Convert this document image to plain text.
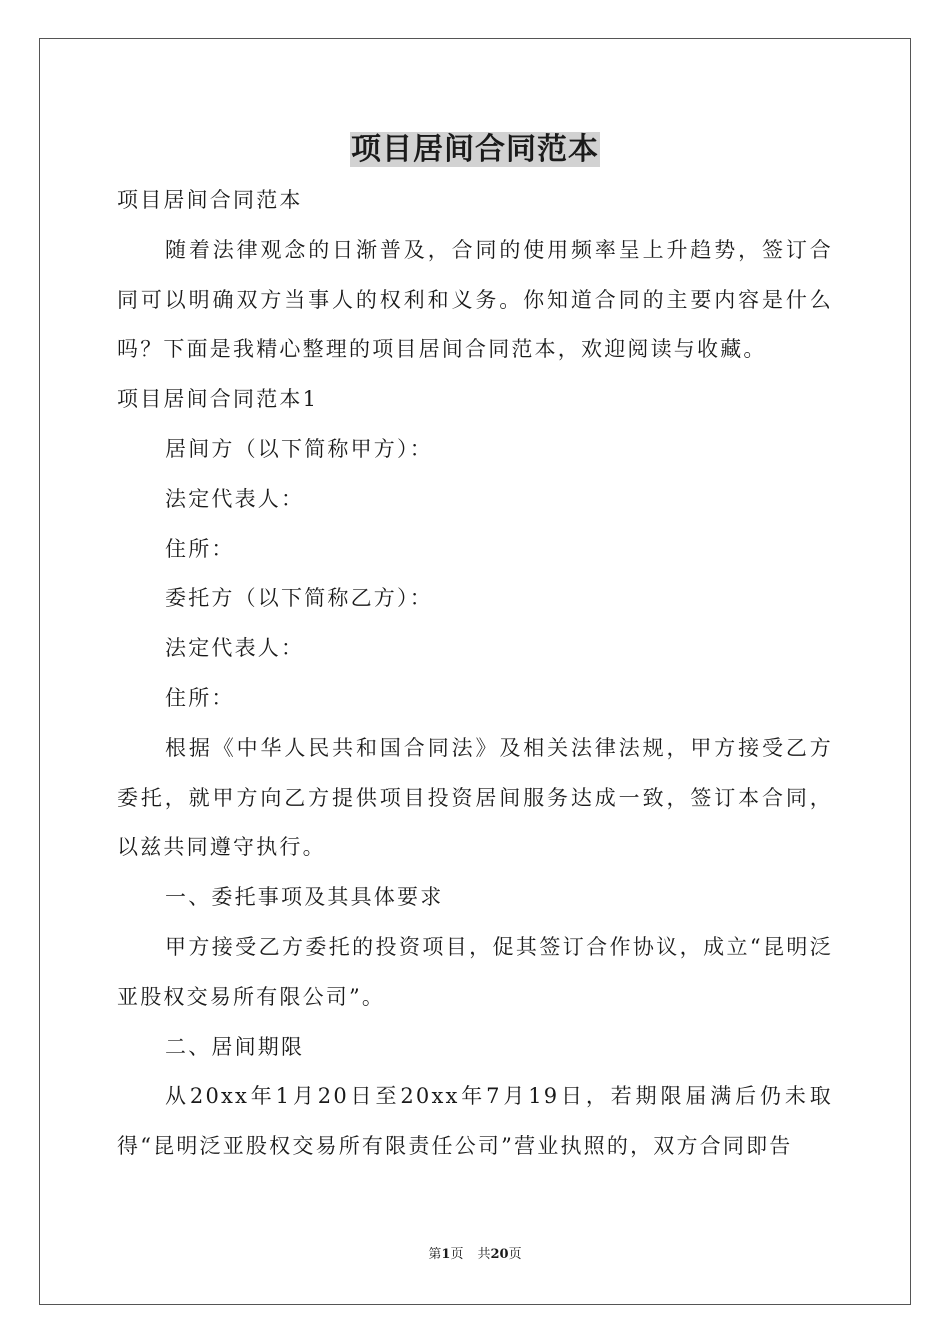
项目居间合同范本

项目居间合同范本

随着法律观念的日渐普及，合同的使用频率呈上升趋势，签订合同可以明确双方当事人的权利和义务。你知道合同的主要内容是什么吗？下面是我精心整理的项目居间合同范本，欢迎阅读与收藏。

项目居间合同范本1

居间方（以下简称甲方）：

法定代表人：

住所：

委托方（以下简称乙方）：

法定代表人：

住所：

根据《中华人民共和国合同法》及相关法律法规，甲方接受乙方委托，就甲方向乙方提供项目投资居间服务达成一致，签订本合同，以兹共同遵守执行。

一、委托事项及其具体要求

甲方接受乙方委托的投资项目，促其签订合作协议，成立“昆明泛亚股权交易所有限公司”。

二、居间期限

从20xx年1月20日至20xx年7月19日，若期限届满后仍未取得“昆明泛亚股权交易所有限责任公司”营业执照的，双方合同即告

第1页 共20页
